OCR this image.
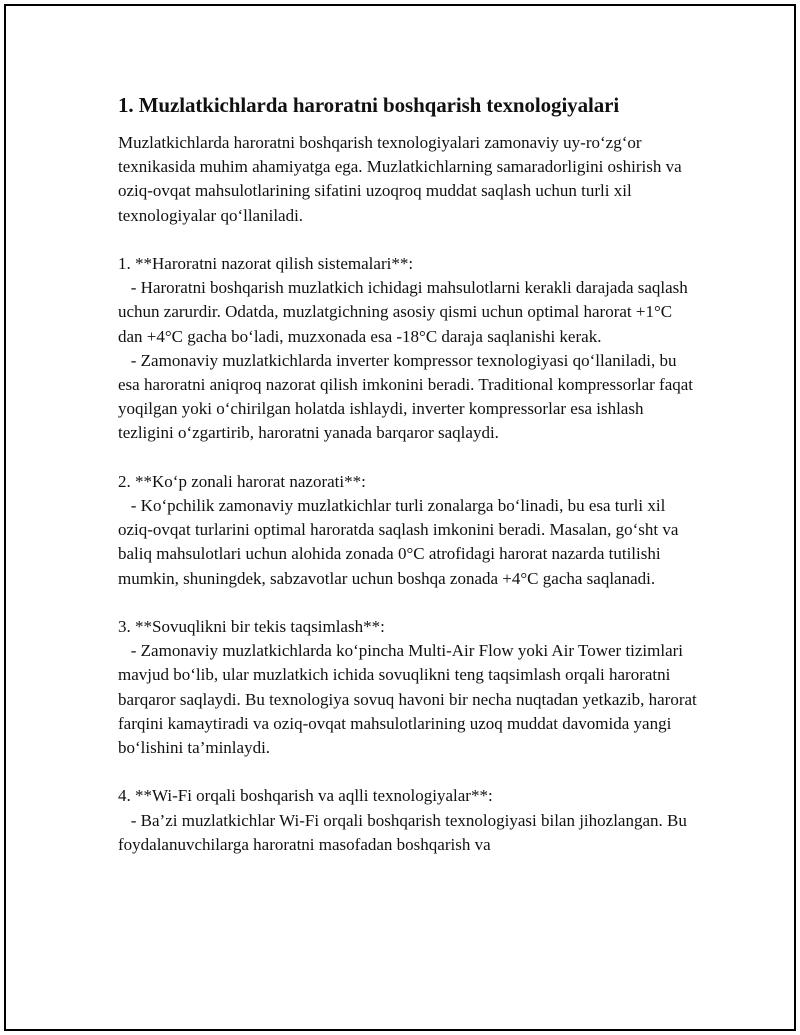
1. Muzlatkichlarda haroratni boshqarish texnologiyalari

Muzlatkichlarda haroratni boshqarish texnologiyalari zamonaviy uy-ro‘zg‘or texnikasida muhim ahamiyatga ega. Muzlatkichlarning samaradorligini oshirish va oziq-ovqat mahsulotlarining sifatini uzoqroq muddat saqlash uchun turli xil texnologiyalar qo‘llaniladi.

1. **Haroratni nazorat qilish sistemalari**:

- Haroratni boshqarish muzlatkich ichidagi mahsulotlarni kerakli darajada saqlash uchun zarurdir. Odatda, muzlatgichning asosiy qismi uchun optimal harorat +1°C dan +4°C gacha bo‘ladi, muzxonada esa -18°C daraja saqlanishi kerak.

- Zamonaviy muzlatkichlarda inverter kompressor texnologiyasi qo‘llaniladi, bu esa haroratni aniqroq nazorat qilish imkonini beradi. Traditional kompressorlar faqat yoqilgan yoki o‘chirilgan holatda ishlaydi, inverter kompressorlar esa ishlash tezligini o‘zgartirib, haroratni yanada barqaror saqlaydi.

2. **Ko‘p zonali harorat nazorati**:

- Ko‘pchilik zamonaviy muzlatkichlar turli zonalarga bo‘linadi, bu esa turli xil oziq-ovqat turlarini optimal haroratda saqlash imkonini beradi. Masalan, go‘sht va baliq mahsulotlari uchun alohida zonada 0°C atrofidagi harorat nazarda tutilishi mumkin, shuningdek, sabzavotlar uchun boshqa zonada +4°C gacha saqlanadi.

3. **Sovuqlikni bir tekis taqsimlash**:

- Zamonaviy muzlatkichlarda ko‘pincha Multi-Air Flow yoki Air Tower tizimlari mavjud bo‘lib, ular muzlatkich ichida sovuqlikni teng taqsimlash orqali haroratni barqaror saqlaydi. Bu texnologiya sovuq havoni bir necha nuqtadan yetkazib, harorat farqini kamaytiradi va oziq-ovqat mahsulotlarining uzoq muddat davomida yangi bo‘lishini ta’minlaydi.

4. **Wi-Fi orqali boshqarish va aqlli texnologiyalar**:

- Ba’zi muzlatkichlar Wi-Fi orqali boshqarish texnologiyasi bilan jihozlangan. Bu foydalanuvchilarga haroratni masofadan boshqarish va
